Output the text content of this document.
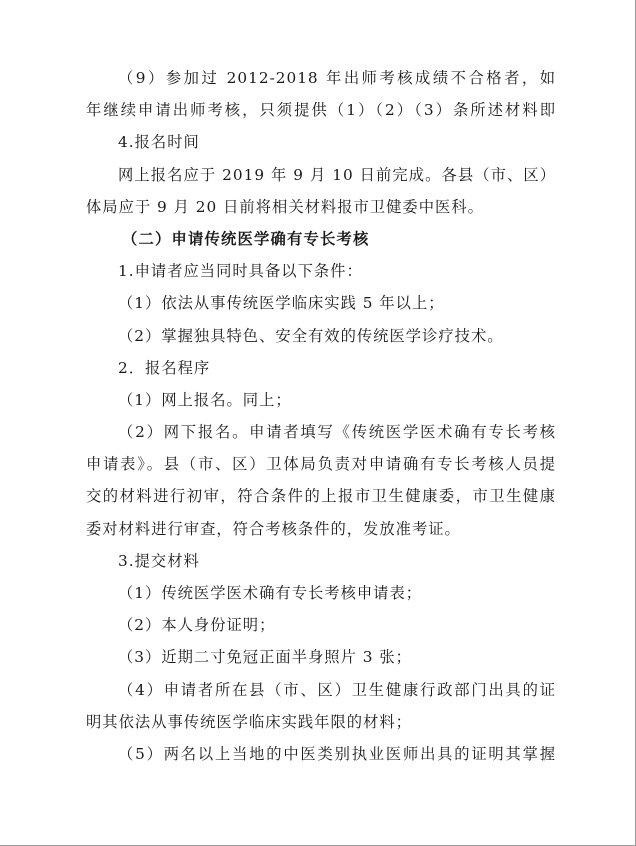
（9）参加过 2012-2018 年出师考核成绩不合格者，如
年继续申请出师考核，只须提供（1）（2）（3）条所述材料即
4.报名时间
网上报名应于 2019 年 9 月 10 日前完成。各县（市、区）
体局应于 9 月 20 日前将相关材料报市卫健委中医科。
（二）申请传统医学确有专长考核
1.申请者应当同时具备以下条件：
（1）依法从事传统医学临床实践 5 年以上；
（2）掌握独具特色、安全有效的传统医学诊疗技术。
2．报名程序
（1）网上报名。同上；
（2）网下报名。申请者填写《传统医学医术确有专长考核
申请表》。县（市、区）卫体局负责对申请确有专长考核人员提
交的材料进行初审，符合条件的上报市卫生健康委，市卫生健康
委对材料进行审查，符合考核条件的，发放准考证。
3.提交材料
（1）传统医学医术确有专长考核申请表；
（2）本人身份证明；
（3）近期二寸免冠正面半身照片 3 张；
（4）申请者所在县（市、区）卫生健康行政部门出具的证
明其依法从事传统医学临床实践年限的材料；
（5）两名以上当地的中医类别执业医师出具的证明其掌握
